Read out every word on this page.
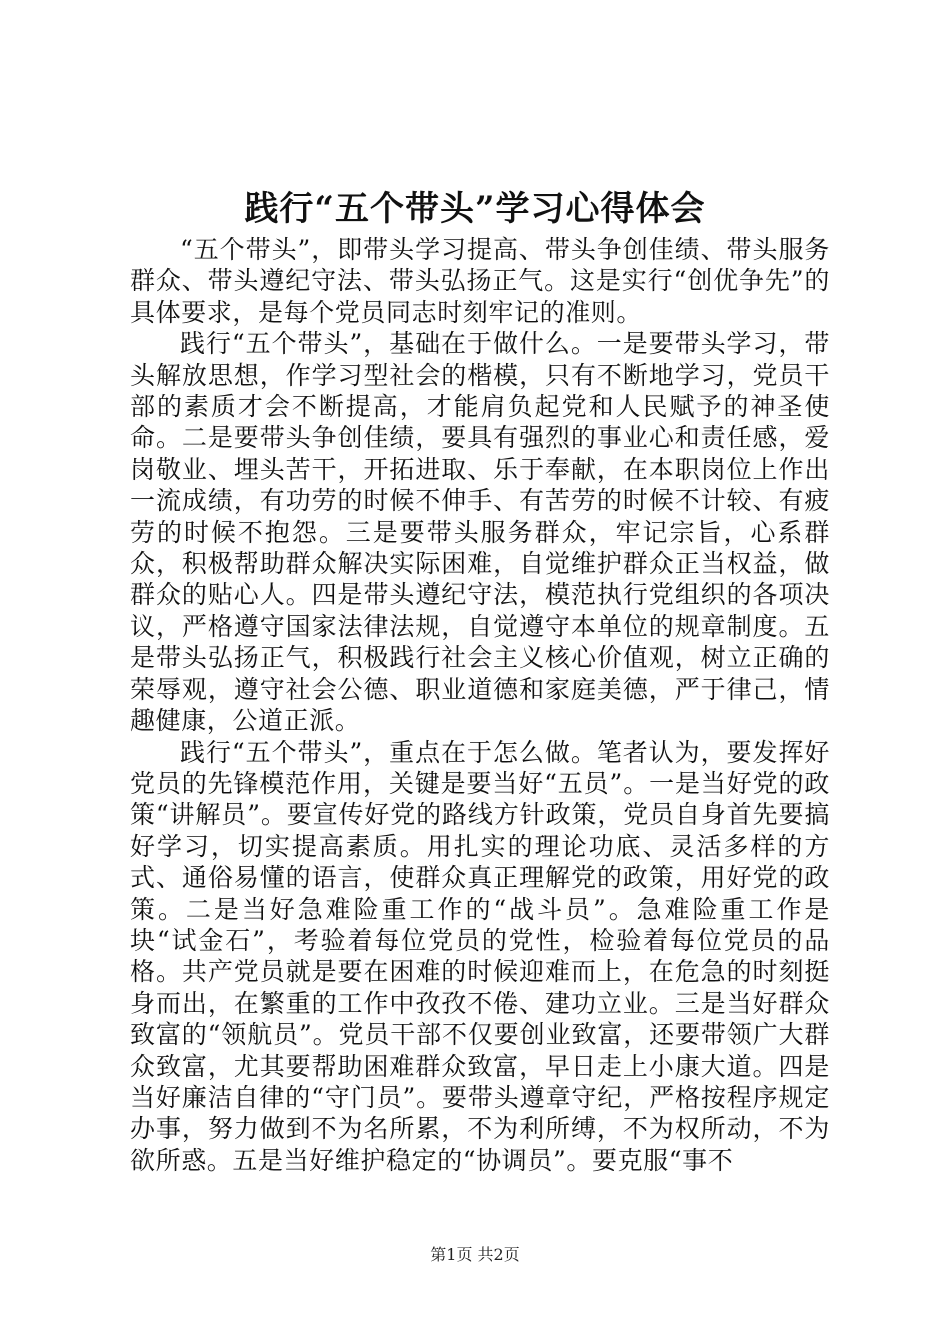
践行“五个带头”学习心得体会

“五个带头”，即带头学习提高、带头争创佳绩、带头服务群众、带头遵纪守法、带头弘扬正气。这是实行“创优争先”的具体要求，是每个党员同志时刻牢记的准则。

践行“五个带头”，基础在于做什么。一是要带头学习，带头解放思想，作学习型社会的楷模，只有不断地学习，党员干部的素质才会不断提高，才能肩负起党和人民赋予的神圣使命。二是要带头争创佳绩，要具有强烈的事业心和责任感，爱岗敬业、埋头苦干，开拓进取、乐于奉献，在本职岗位上作出一流成绩，有功劳的时候不伸手、有苦劳的时候不计较、有疲劳的时候不抱怨。三是要带头服务群众，牢记宗旨，心系群众，积极帮助群众解决实际困难，自觉维护群众正当权益，做群众的贴心人。四是带头遵纪守法，模范执行党组织的各项决议，严格遵守国家法律法规，自觉遵守本单位的规章制度。五是带头弘扬正气，积极践行社会主义核心价值观，树立正确的荣辱观，遵守社会公德、职业道德和家庭美德，严于律己，情趣健康，公道正派。

践行“五个带头”，重点在于怎么做。笔者认为，要发挥好党员的先锋模范作用，关键是要当好“五员”。一是当好党的政策“讲解员”。要宣传好党的路线方针政策，党员自身首先要搞好学习，切实提高素质。用扎实的理论功底、灵活多样的方式、通俗易懂的语言，使群众真正理解党的政策，用好党的政策。二是当好急难险重工作的“战斗员”。急难险重工作是块“试金石”，考验着每位党员的党性，检验着每位党员的品格。共产党员就是要在困难的时候迎难而上，在危急的时刻挺身而出，在繁重的工作中孜孜不倦、建功立业。三是当好群众致富的“领航员”。党员干部不仅要创业致富，还要带领广大群众致富，尤其要帮助困难群众致富，早日走上小康大道。四是当好廉洁自律的“守门员”。要带头遵章守纪，严格按程序规定办事，努力做到不为名所累，不为利所缚，不为权所动，不为欲所惑。五是当好维护稳定的“协调员”。要克服“事不

第1页 共2页
